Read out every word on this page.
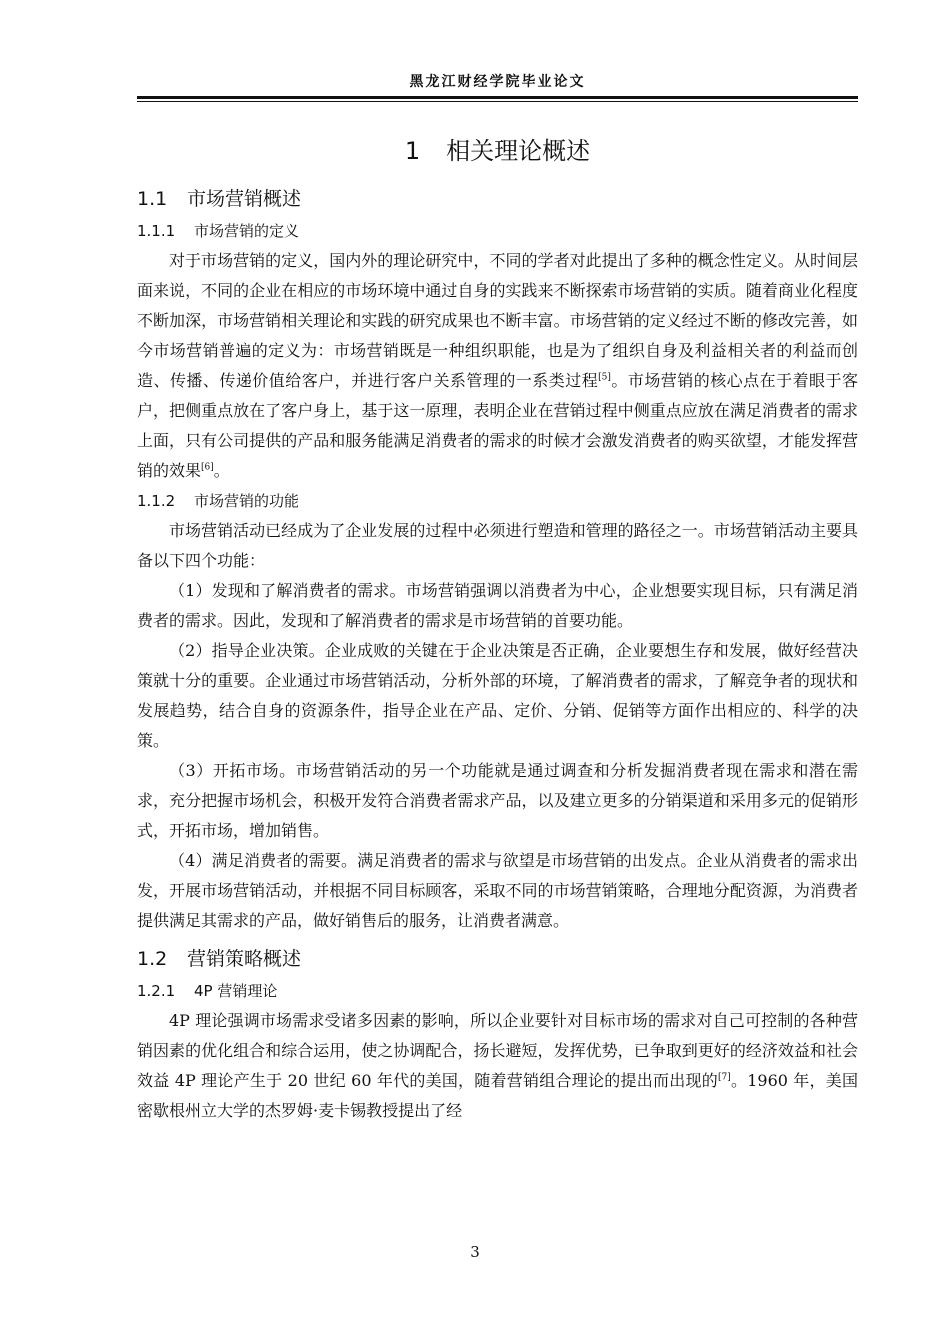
黑龙江财经学院毕业论文
1 相关理论概述
1.1 市场营销概述
1.1.1 市场营销的定义

对于市场营销的定义，国内外的理论研究中，不同的学者对此提出了多种的概念性定义。从时间层面来说，不同的企业在相应的市场环境中通过自身的实践来不断探索市场营销的实质。随着商业化程度不断加深，市场营销相关理论和实践的研究成果也不断丰富。市场营销的定义经过不断的修改完善，如今市场营销普遍的定义为：市场营销既是一种组织职能，也是为了组织自身及利益相关者的利益而创造、传播、传递价值给客户，并进行客户关系管理的一系类过程[5]。市场营销的核心点在于着眼于客户，把侧重点放在了客户身上，基于这一原理，表明企业在营销过程中侧重点应放在满足消费者的需求上面，只有公司提供的产品和服务能满足消费者的需求的时候才会激发消费者的购买欲望，才能发挥营销的效果[6]。

1.1.2 市场营销的功能

市场营销活动已经成为了企业发展的过程中必须进行塑造和管理的路径之一。市场营销活动主要具备以下四个功能：

（1）发现和了解消费者的需求。市场营销强调以消费者为中心，企业想要实现目标，只有满足消费者的需求。因此，发现和了解消费者的需求是市场营销的首要功能。

（2）指导企业决策。企业成败的关键在于企业决策是否正确，企业要想生存和发展，做好经营决策就十分的重要。企业通过市场营销活动，分析外部的环境，了解消费者的需求，了解竞争者的现状和发展趋势，结合自身的资源条件，指导企业在产品、定价、分销、促销等方面作出相应的、科学的决策。

（3）开拓市场。市场营销活动的另一个功能就是通过调查和分析发掘消费者现在需求和潜在需求，充分把握市场机会，积极开发符合消费者需求产品，以及建立更多的分销渠道和采用多元的促销形式，开拓市场，增加销售。

（4）满足消费者的需要。满足消费者的需求与欲望是市场营销的出发点。企业从消费者的需求出发，开展市场营销活动，并根据不同目标顾客，采取不同的市场营销策略，合理地分配资源，为消费者提供满足其需求的产品，做好销售后的服务，让消费者满意。

1.2 营销策略概述
1.2.1 4P 营销理论

4P 理论强调市场需求受诸多因素的影响，所以企业要针对目标市场的需求对自己可控制的各种营销因素的优化组合和综合运用，使之协调配合，扬长避短，发挥优势，已争取到更好的经济效益和社会效益 4P 理论产生于 20 世纪 60 年代的美国，随着营销组合理论的提出而出现的[7]。1960 年，美国密歇根州立大学的杰罗姆·麦卡锡教授提出了经

3
